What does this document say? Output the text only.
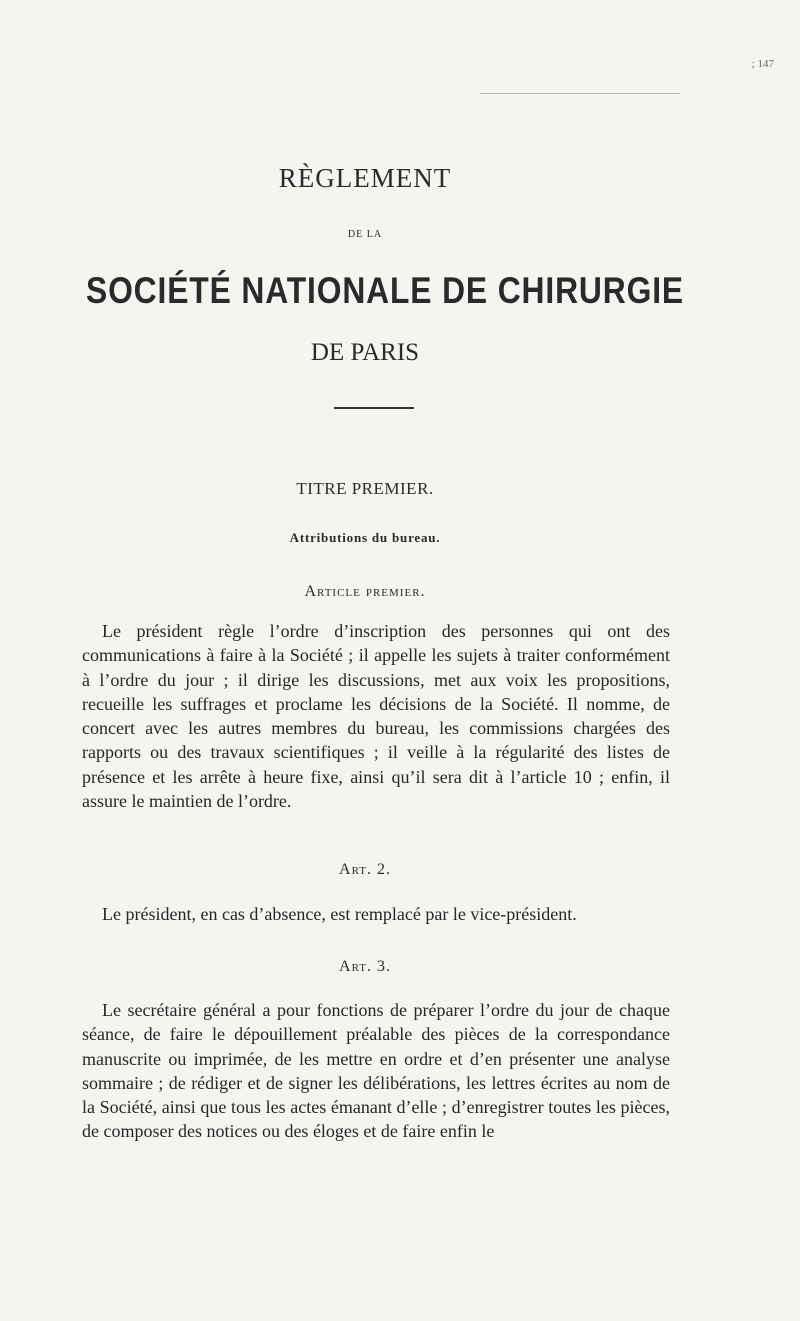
; 147
RÈGLEMENT
DE LA
SOCIÉTÉ NATIONALE DE CHIRURGIE
DE PARIS
TITRE PREMIER.
Attributions du bureau.
Article premier.
Le président règle l’ordre d’inscription des personnes qui ont des communications à faire à la Société ; il appelle les sujets à traiter conformément à l’ordre du jour ; il dirige les discussions, met aux voix les propositions, recueille les suffrages et proclame les décisions de la Société. Il nomme, de concert avec les autres membres du bureau, les commissions chargées des rapports ou des travaux scientifiques ; il veille à la régularité des listes de présence et les arrête à heure fixe, ainsi qu’il sera dit à l’article 10 ; enfin, il assure le maintien de l’ordre.
Art. 2.
Le président, en cas d’absence, est remplacé par le vice-président.
Art. 3.
Le secrétaire général a pour fonctions de préparer l’ordre du jour de chaque séance, de faire le dépouillement préalable des pièces de la correspondance manuscrite ou imprimée, de les mettre en ordre et d’en présenter une analyse sommaire ; de rédiger et de signer les délibérations, les lettres écrites au nom de la Société, ainsi que tous les actes émanant d’elle ; d’enregistrer toutes les pièces, de composer des notices ou des éloges et de faire enfin le
